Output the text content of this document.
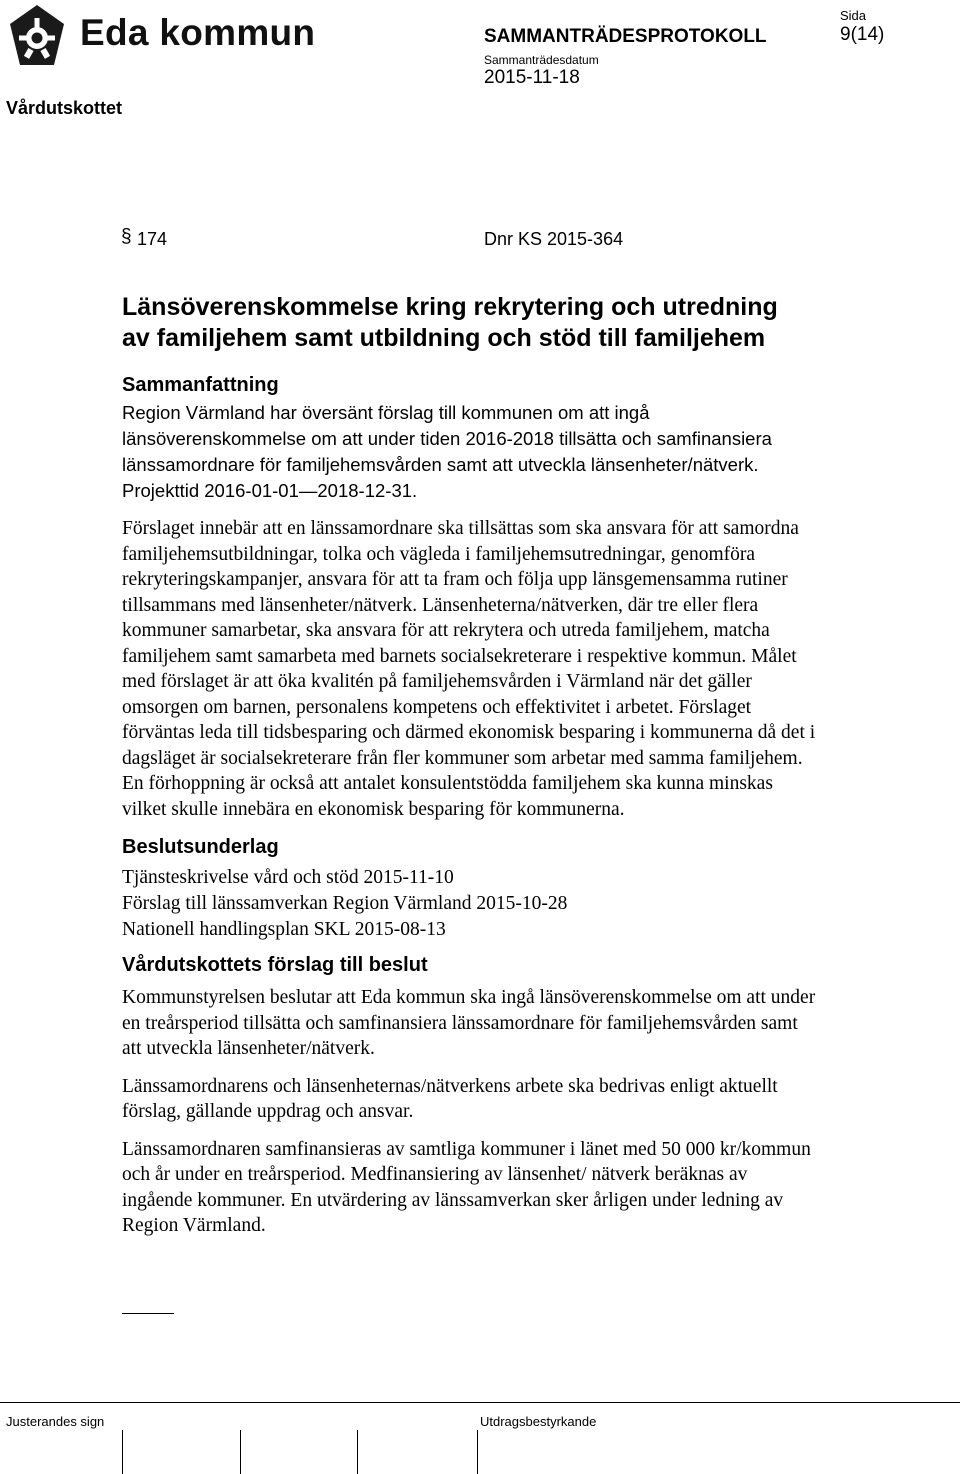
Eda kommun	SAMMANTRÄDESPROTOKOLL
Sammanträdesdatum
2015-11-18
Sida
9(14)
Vårdutskottet
§ 174	Dnr KS 2015-364
Länsöverenskommelse kring rekrytering och utredning
av familjehem samt utbildning och stöd till familjehem
Sammanfattning

Region Värmland har översänt förslag till kommunen om att ingå länsöverenskommelse om att under tiden 2016-2018 tillsätta och samfinansiera länssamordnare för familjehemsvården samt att utveckla länsenheter/nätverk. Projekttid 2016-01-01—2018-12-31.

Förslaget innebär att en länssamordnare ska tillsättas som ska ansvara för att samordna familjehemsutbildningar, tolka och vägleda i familjehemsutredningar, genomföra rekryteringskampanjer, ansvara för att ta fram och följa upp länsgemensamma rutiner tillsammans med länsenheter/nätverk. Länsenheterna/nätverken, där tre eller flera kommuner samarbetar, ska ansvara för att rekrytera och utreda familjehem, matcha familjehem samt samarbeta med barnets socialsekreterare i respektive kommun. Målet med förslaget är att öka kvalitén på familjehemsvården i Värmland när det gäller omsorgen om barnen, personalens kompetens och effektivitet i arbetet. Förslaget förväntas leda till tidsbesparing och därmed ekonomisk besparing i kommunerna då det i dagsläget är socialsekreterare från fler kommuner som arbetar med samma familjehem. En förhoppning är också att antalet konsulentstödda familjehem ska kunna minskas vilket skulle innebära en ekonomisk besparing för kommunerna.

Beslutsunderlag
Tjänsteskrivelse vård och stöd 2015-11-10
Förslag till länssamverkan Region Värmland 2015-10-28
Nationell handlingsplan SKL 2015-08-13
Vårdutskottets förslag till beslut

Kommunstyrelsen beslutar att Eda kommun ska ingå länsöverenskommelse om att under en treårsperiod tillsätta och samfinansiera länssamordnare för familjehemsvården samt att utveckla länsenheter/nätverk.

Länssamordnarens och länsenheternas/nätverkens arbete ska bedrivas enligt aktuellt förslag, gällande uppdrag och ansvar.

Länssamordnaren samfinansieras av samtliga kommuner i länet med 50 000 kr/kommun och år under en treårsperiod. Medfinansiering av länsenhet/ nätverk beräknas av ingående kommuner. En utvärdering av länssamverkan sker årligen under ledning av Region Värmland.

Justerandes sign	Utdragsbestyrkande
